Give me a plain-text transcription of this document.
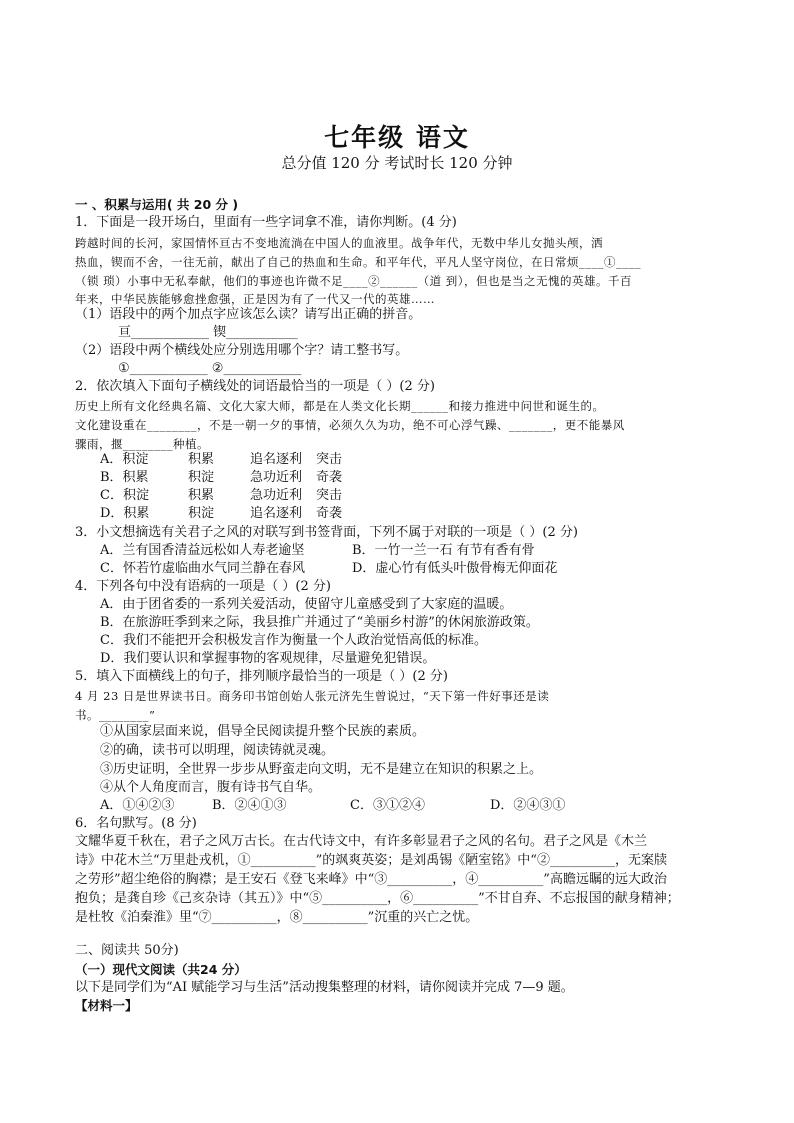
七年级 语文
总分值 120 分 考试时长 120 分钟
一 、积累与运用( 共 20 分 )
1．下面是一段开场白，里面有一些字词拿不准，请你判断。(4 分)
跨越时间的长河，家国情怀亘古不变地流淌在中国人的血液里。战争年代，无数中华儿女抛头颅，洒
热血，锲而不舍，一往无前，献出了自己的热血和生命。和平年代，平凡人坚守岗位，在日常烦____①____
（锁 琐）小事中无私奉献，他们的事迹也许微不足____②______（道 到），但也是当之无愧的英雄。千百
年来，中华民族能够愈挫愈强，正是因为有了一代又一代的英雄……
（1）语段中的两个加点字应该怎么读？请写出正确的拼音。
亘____________ 锲___________
（2）语段中两个横线处应分别选用哪个字？请工整书写。
①____________ ②____________
2．依次填入下面句子横线处的词语最恰当的一项是（ ）(2 分)
历史上所有文化经典名篇、文化大家大师，都是在人类文化长期______和接力推进中问世和诞生的。
文化建设重在________，不是一朝一夕的事情，必须久久为功，绝不可心浮气躁、_______，更不能暴风
骤雨，揠________种植。
A．积淀	积累	追名逐利 突击
B．积累	积淀	急功近利 奇袭
C．积淀	积累	急功近利 突击
D．积累	积淀	追名逐利 奇袭
3．小文想摘选有关君子之风的对联写到书签背面，下列不属于对联的一项是（ ）(2 分)
A．兰有国香清益远松如人寿老逾坚	B．一竹一兰一石 有节有香有骨
C．怀若竹虚临曲水气同兰静在春风	D．虚心竹有低头叶傲骨梅无仰面花
4．下列各句中没有语病的一项是（ ）(2 分)
A．由于团省委的一系列关爱活动，使留守儿童感受到了大家庭的温暖。
B．在旅游旺季到来之际，我县推广并通过了“美丽乡村游”的休闲旅游政策。
C．我们不能把开会积极发言作为衡量一个人政治觉悟高低的标准。
D．我们要认识和掌握事物的客观规律，尽量避免犯错误。
5．填入下面横线上的句子，排列顺序最恰当的一项是（ ）(2 分)
4 月 23 日是世界读书日。商务印书馆创始人张元济先生曾说过，“天下第一件好事还是读
书。________”
①从国家层面来说，倡导全民阅读提升整个民族的素质。
②的确，读书可以明理，阅读铸就灵魂。
③历史证明，全世界一步步从野蛮走向文明，无不是建立在知识的积累之上。
④从个人角度而言，腹有诗书气自华。
A．①④②③	B．②④①③	C．③①②④	D．②④③①
6．名句默写。(8 分)
文耀华夏千秋在，君子之风万古长。在古代诗文中，有许多彰显君子之风的名句。君子之风是《木兰
诗》中花木兰“万里赴戎机，①__________”的飒爽英姿；是刘禹锡《陋室铭》中“②__________，无案牍
之劳形”超尘绝俗的胸襟；是王安石《登飞来峰》中“③__________，④__________”高瞻远瞩的远大政治
抱负；是龚自珍《己亥杂诗（其五）》中“⑤__________，⑥__________”不甘自弃、不忘报国的献身精神；
是杜牧《泊秦淮》里“⑦__________，⑧__________”沉重的兴亡之忧。
二、阅读共 50分)
（一）现代文阅读（共24 分）
以下是同学们为“AI 赋能学习与生活”活动搜集整理的材料，请你阅读并完成 7—9 题。
【材料一】
